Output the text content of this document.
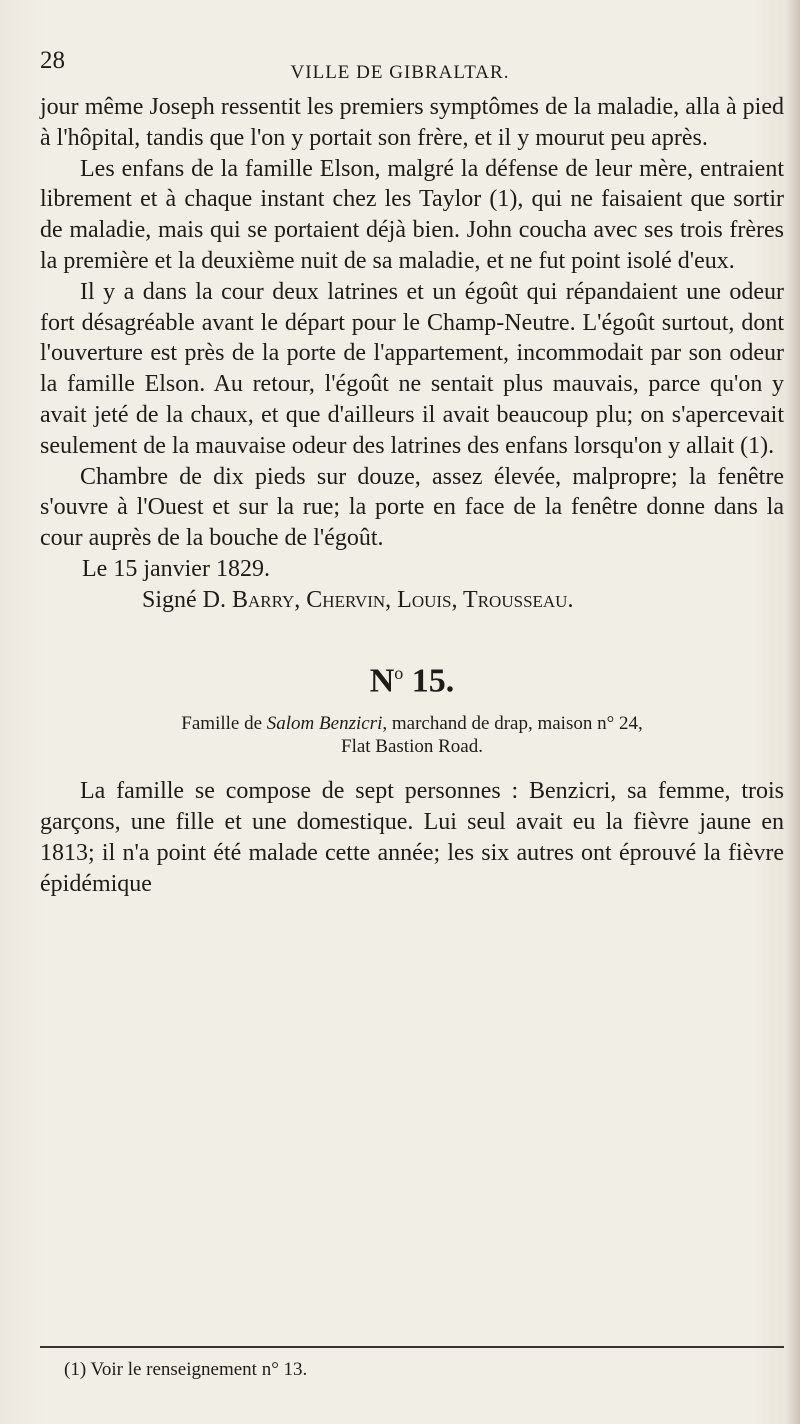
28	VILLE DE GIBRALTAR.

jour même Joseph ressentit les premiers symptômes de la maladie, alla à pied à l'hôpital, tandis que l'on y portait son frère, et il y mourut peu après.

Les enfans de la famille Elson, malgré la défense de leur mère, entraient librement et à chaque instant chez les Taylor (1), qui ne faisaient que sortir de maladie, mais qui se portaient déjà bien. John coucha avec ses trois frères la première et la deuxième nuit de sa maladie, et ne fut point isolé d'eux.

Il y a dans la cour deux latrines et un égoût qui répandaient une odeur fort désagréable avant le départ pour le Champ-Neutre. L'égoût surtout, dont l'ouverture est près de la porte de l'appartement, incommodait par son odeur la famille Elson. Au retour, l'égoût ne sentait plus mauvais, parce qu'on y avait jeté de la chaux, et que d'ailleurs il avait beaucoup plu; on s'apercevait seulement de la mauvaise odeur des latrines des enfans lorsqu'on y allait (1).

Chambre de dix pieds sur douze, assez élevée, malpropre; la fenêtre s'ouvre à l'Ouest et sur la rue; la porte en face de la fenêtre donne dans la cour auprès de la bouche de l'égoût.

Le 15 janvier 1829.

Signé D. Barry, Chervin, Louis, Trousseau.

$N^o$ 15.

Famille de Salom Benzicri, marchand de drap, maison n° 24,
Flat Bastion Road.

La famille se compose de sept personnes : Benzicri, sa femme, trois garçons, une fille et une domestique. Lui seul avait eu la fièvre jaune en 1813; il n'a point été malade cette année; les six autres ont éprouvé la fièvre épidémique

(1) Voir le renseignement n° 13.
